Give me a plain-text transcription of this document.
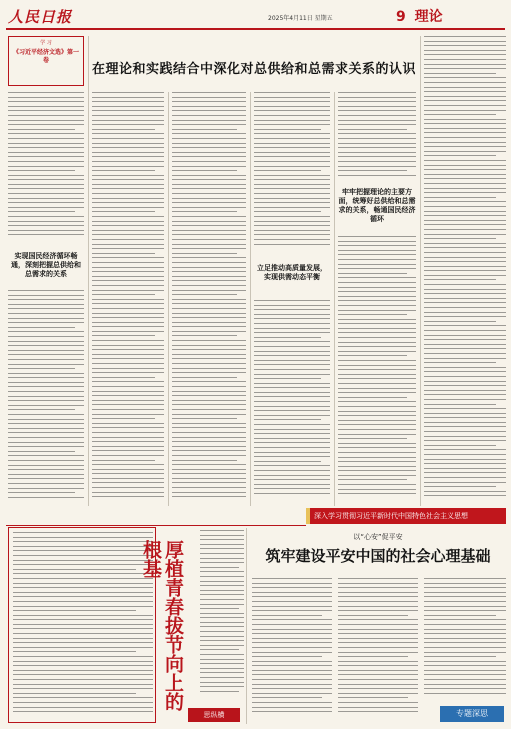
人民日报	2025年4月11日 星期五	9 理论
学 习
《习近平经济文选》第一卷
在理论和实践结合中深化对总供给和总需求关系的认识
实现国民经济循环畅通，深刻把握总供给和总需求的关系
立足推动高质量发展，实现供需动态平衡
牢牢把握理论的主要方面，统筹好总供给和总需求的关系，畅通国民经济循环
深入学习贯彻习近平新时代中国特色社会主义思想
厚植青春拔节向上的根基
思纵横
以“心安”促平安
筑牢建设平安中国的社会心理基础
专题深思
